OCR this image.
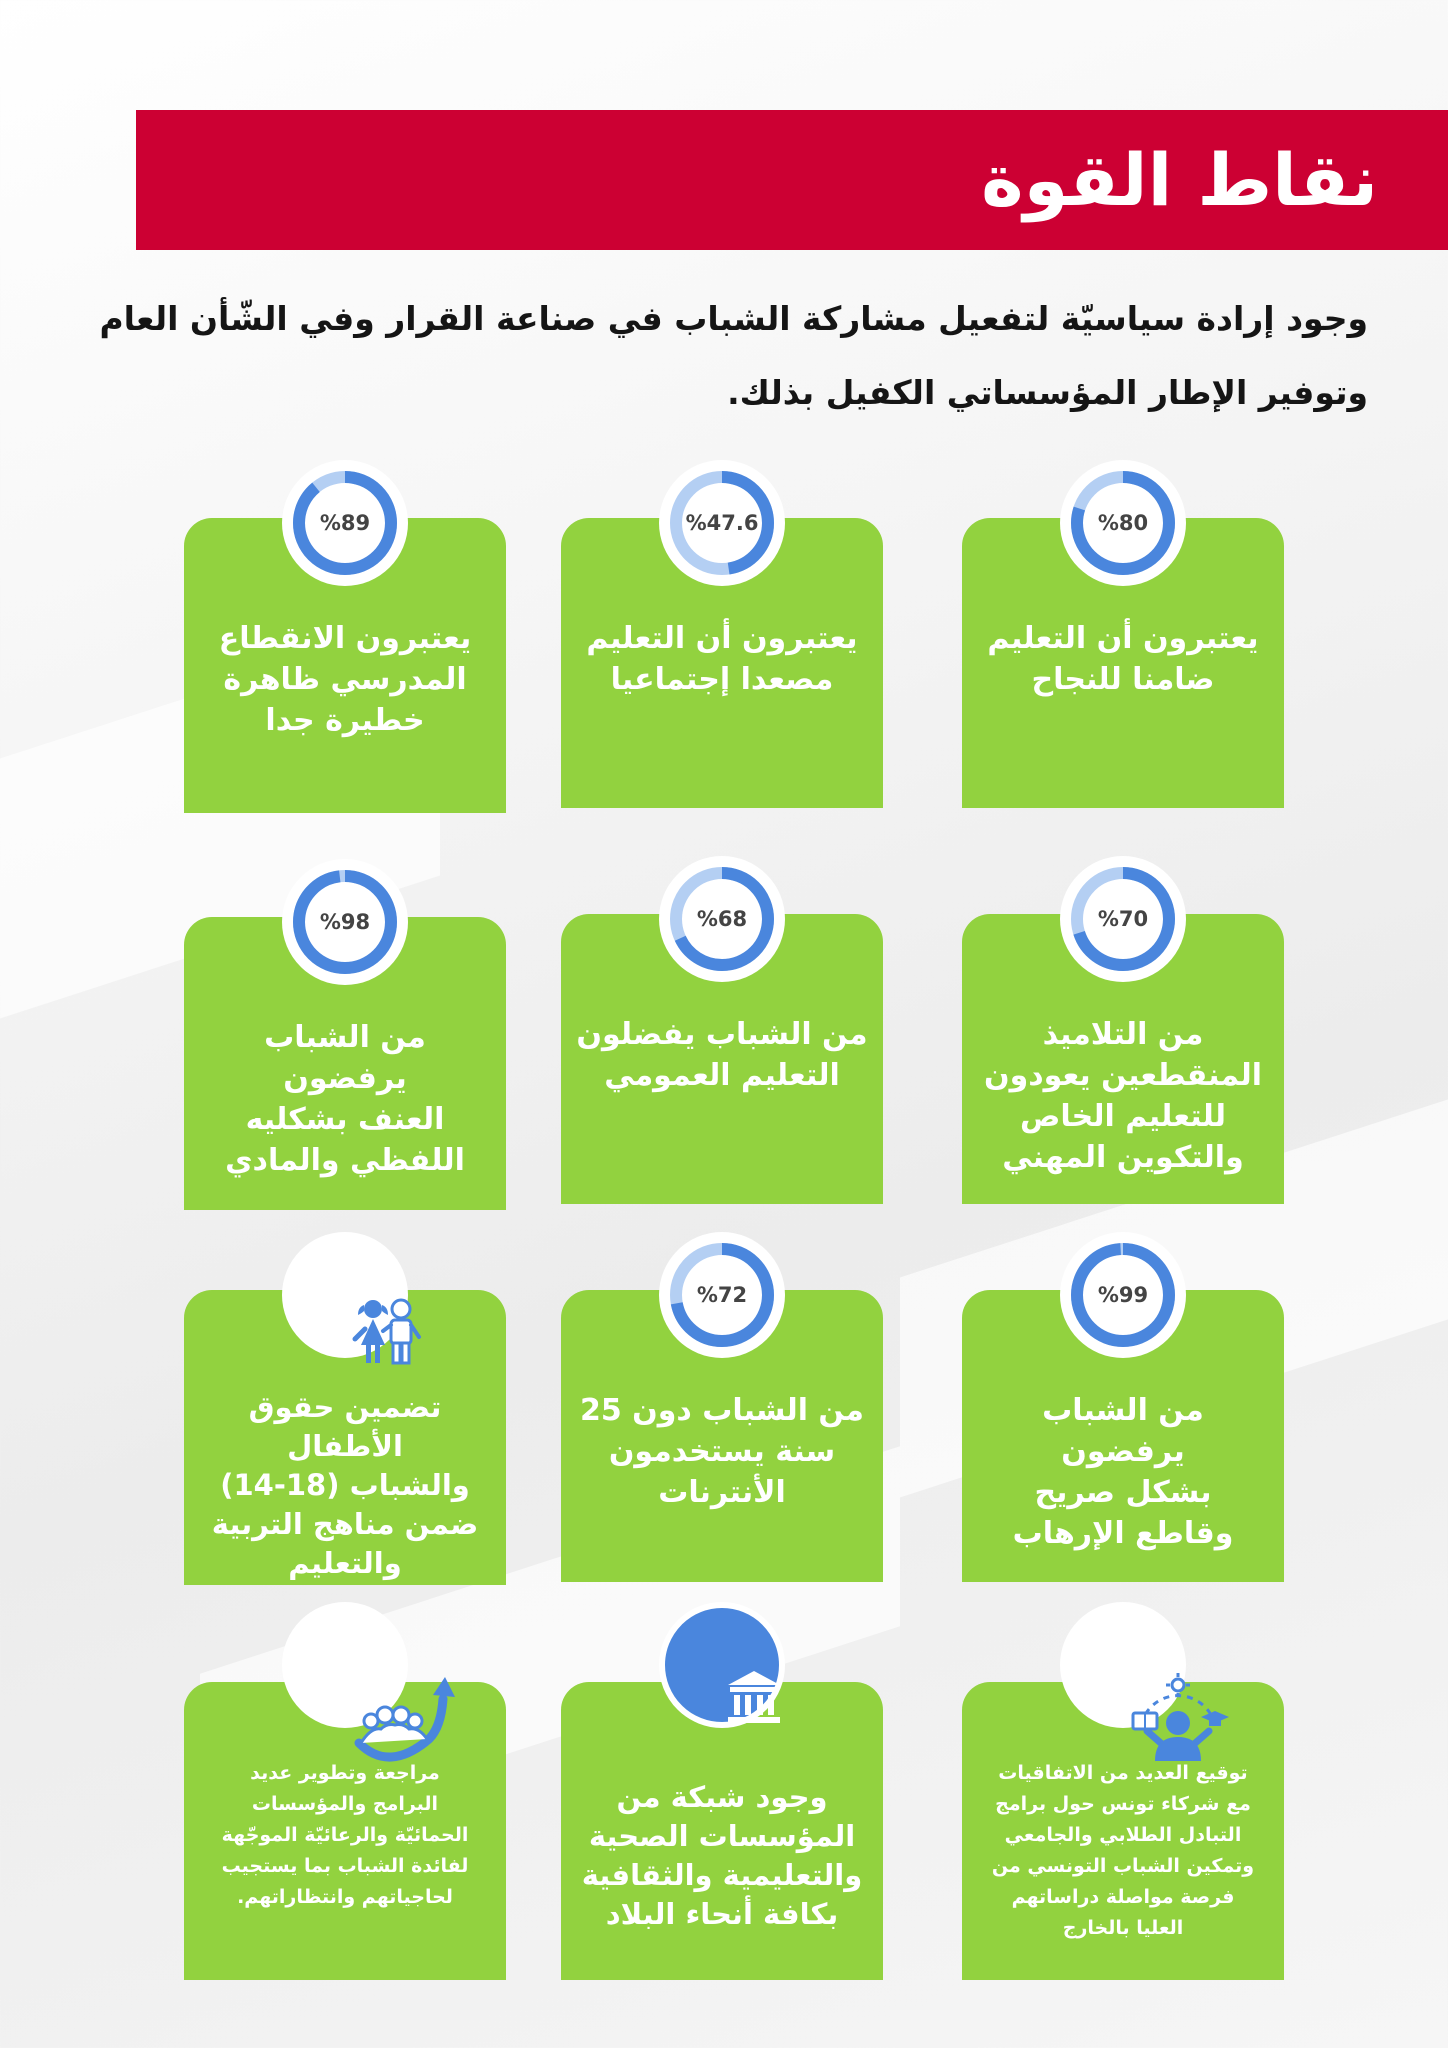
نقاط القوة

وجود إرادة سياسيّة لتفعيل مشاركة الشباب في صناعة القرار وفي الشّأن العام

وتوفير الإطار المؤسساتي الكفيل بذلك.

%80
يعتبرون أن التعليم
ضامنا للنجاح
%47.6
يعتبرون أن التعليم
مصعدا إجتماعيا
%89
يعتبرون الانقطاع
المدرسي ظاهرة
خطيرة جدا
%70
من التلاميذ
المنقطعين يعودون
للتعليم الخاص
والتكوين المهني
%68
من الشباب يفضلون
التعليم العمومي
%98
من الشباب يرفضون
العنف بشكليه
اللفظي والمادي
%99
من الشباب يرفضون
بشكل صريح
وقاطع الإرهاب
%72
من الشباب دون 25
سنة يستخدمون
الأنترنات
تضمين حقوق الأطفال
والشباب (18-14)
ضمن مناهج التربية
والتعليم
توقيع العديد من الاتفاقيات
مع شركاء تونس حول برامج
التبادل الطلابي والجامعي
وتمكين الشباب التونسي من
فرصة مواصلة دراساتهم
العليا بالخارج
وجود شبكة من
المؤسسات الصحية
والتعليمية والثقافية
بكافة أنحاء البلاد
مراجعة وتطوير عديد
البرامج والمؤسسات
الحمائيّة والرعائيّة الموجّهة
لفائدة الشباب بما يستجيب
لحاجياتهم وانتظاراتهم.
